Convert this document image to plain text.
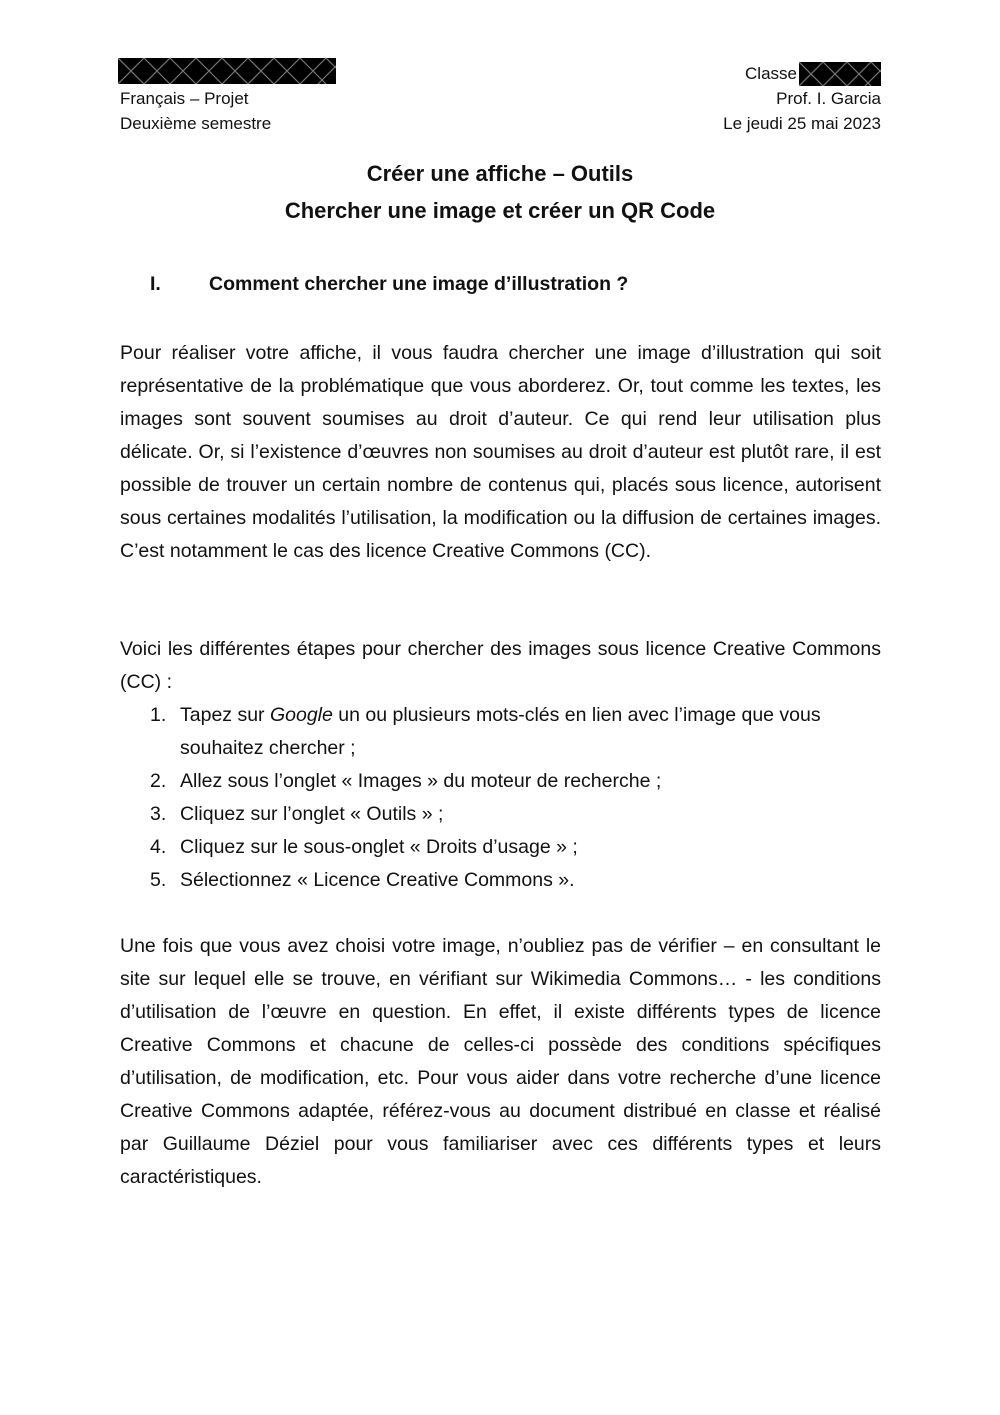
Français – Projet
Deuxième semestre
Classe
Prof. I. Garcia
Le jeudi 25 mai 2023
Créer une affiche – Outils
Chercher une image et créer un QR Code
I.	Comment chercher une image d’illustration ?

Pour réaliser votre affiche, il vous faudra chercher une image d’illustration qui soit représentative de la problématique que vous aborderez. Or, tout comme les textes, les images sont souvent soumises au droit d’auteur. Ce qui rend leur utilisation plus délicate. Or, si l’existence d’œuvres non soumises au droit d’auteur est plutôt rare, il est possible de trouver un certain nombre de contenus qui, placés sous licence, autorisent sous certaines modalités l’utilisation, la modification ou la diffusion de certaines images. C’est notamment le cas des licence Creative Commons (CC).

Voici les différentes étapes pour chercher des images sous licence Creative Commons (CC) :

1. Tapez sur Google un ou plusieurs mots-clés en lien avec l’image que vous souhaitez chercher ;
2. Allez sous l’onglet « Images » du moteur de recherche ;
3. Cliquez sur l’onglet « Outils » ;
4. Cliquez sur le sous-onglet « Droits d’usage » ;
5. Sélectionnez « Licence Creative Commons ».

Une fois que vous avez choisi votre image, n’oubliez pas de vérifier – en consultant le site sur lequel elle se trouve, en vérifiant sur Wikimedia Commons… - les conditions d’utilisation de l’œuvre en question. En effet, il existe différents types de licence Creative Commons et chacune de celles-ci possède des conditions spécifiques d’utilisation, de modification, etc. Pour vous aider dans votre recherche d’une licence Creative Commons adaptée, référez-vous au document distribué en classe et réalisé par Guillaume Déziel pour vous familiariser avec ces différents types et leurs caractéristiques.
